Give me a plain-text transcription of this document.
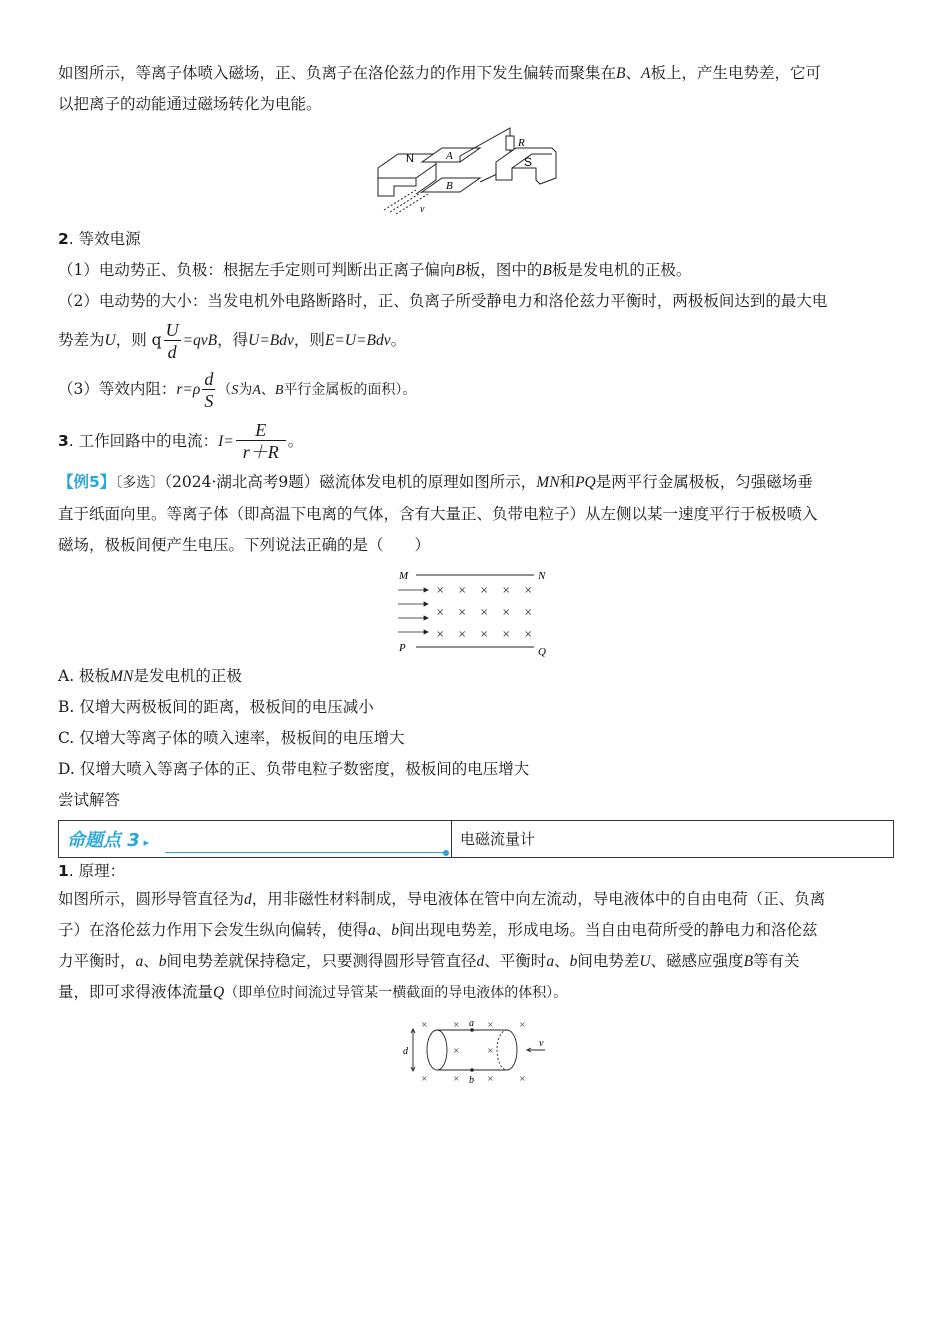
如图所示，等离子体喷入磁场，正、负离子在洛伦兹力的作用下发生偏转而聚集在B、A板上，产生电势差，它可

以把离子的动能通过磁场转化为电能。

N	A
B
S
R
v

2. 等效电源

（1）电动势正、负极：根据左手定则可判断出正离子偏向B板，图中的B板是发电机的正极。

（2）电动势的大小：当发电机外电路断路时，正、负离子所受静电力和洛伦兹力平衡时，两极板间达到的最大电

势差为U，则 q $\frac{U}{d} =qvB$，得U=Bdv，则E=U=Bdv。

（3）等效内阻：$r=\rho \frac{d}{S} (S$为A、B平行金属板的面积）。

3. 工作回路中的电流：$I= \frac{E}{r+R}$ 。

【例5】〔多选〕（2024·湖北高考9题）磁流体发电机的原理如图所示，MN和PQ是两平行金属极板，匀强磁场垂

直于纸面向里。等离子体（即高温下电离的气体，含有大量正、负带电粒子）从左侧以某一速度平行于板极喷入

磁场，极板间便产生电压。下列说法正确的是（　　）

M	N
P	Q
× × × × ×
× × × × ×
× × × × ×

A. 极板MN是发电机的正极

B. 仅增大两极板间的距离，极板间的电压减小

C. 仅增大等离子体的喷入速率，极板间的电压增大

D. 仅增大喷入等离子体的正、负带电粒子数密度，极板间的电压增大

尝试解答

命题点 3 ▸	电磁流量计

1. 原理：

如图所示，圆形导管直径为d，用非磁性材料制成，导电液体在管中向左流动，导电液体中的自由电荷（正、负离

子）在洛伦兹力作用下会发生纵向偏转，使得a、b间出现电势差，形成电场。当自由电荷所受的静电力和洛伦兹

力平衡时，a、b间电势差就保持稳定，只要测得圆形导管直径d、平衡时a、b间电势差U、磁感应强度B等有关

量，即可求得液体流量Q（即单位时间流过导管某一横截面的导电液体的体积）。

a
b
d
v
×	×	×	×
×	×
×	×	×	×
